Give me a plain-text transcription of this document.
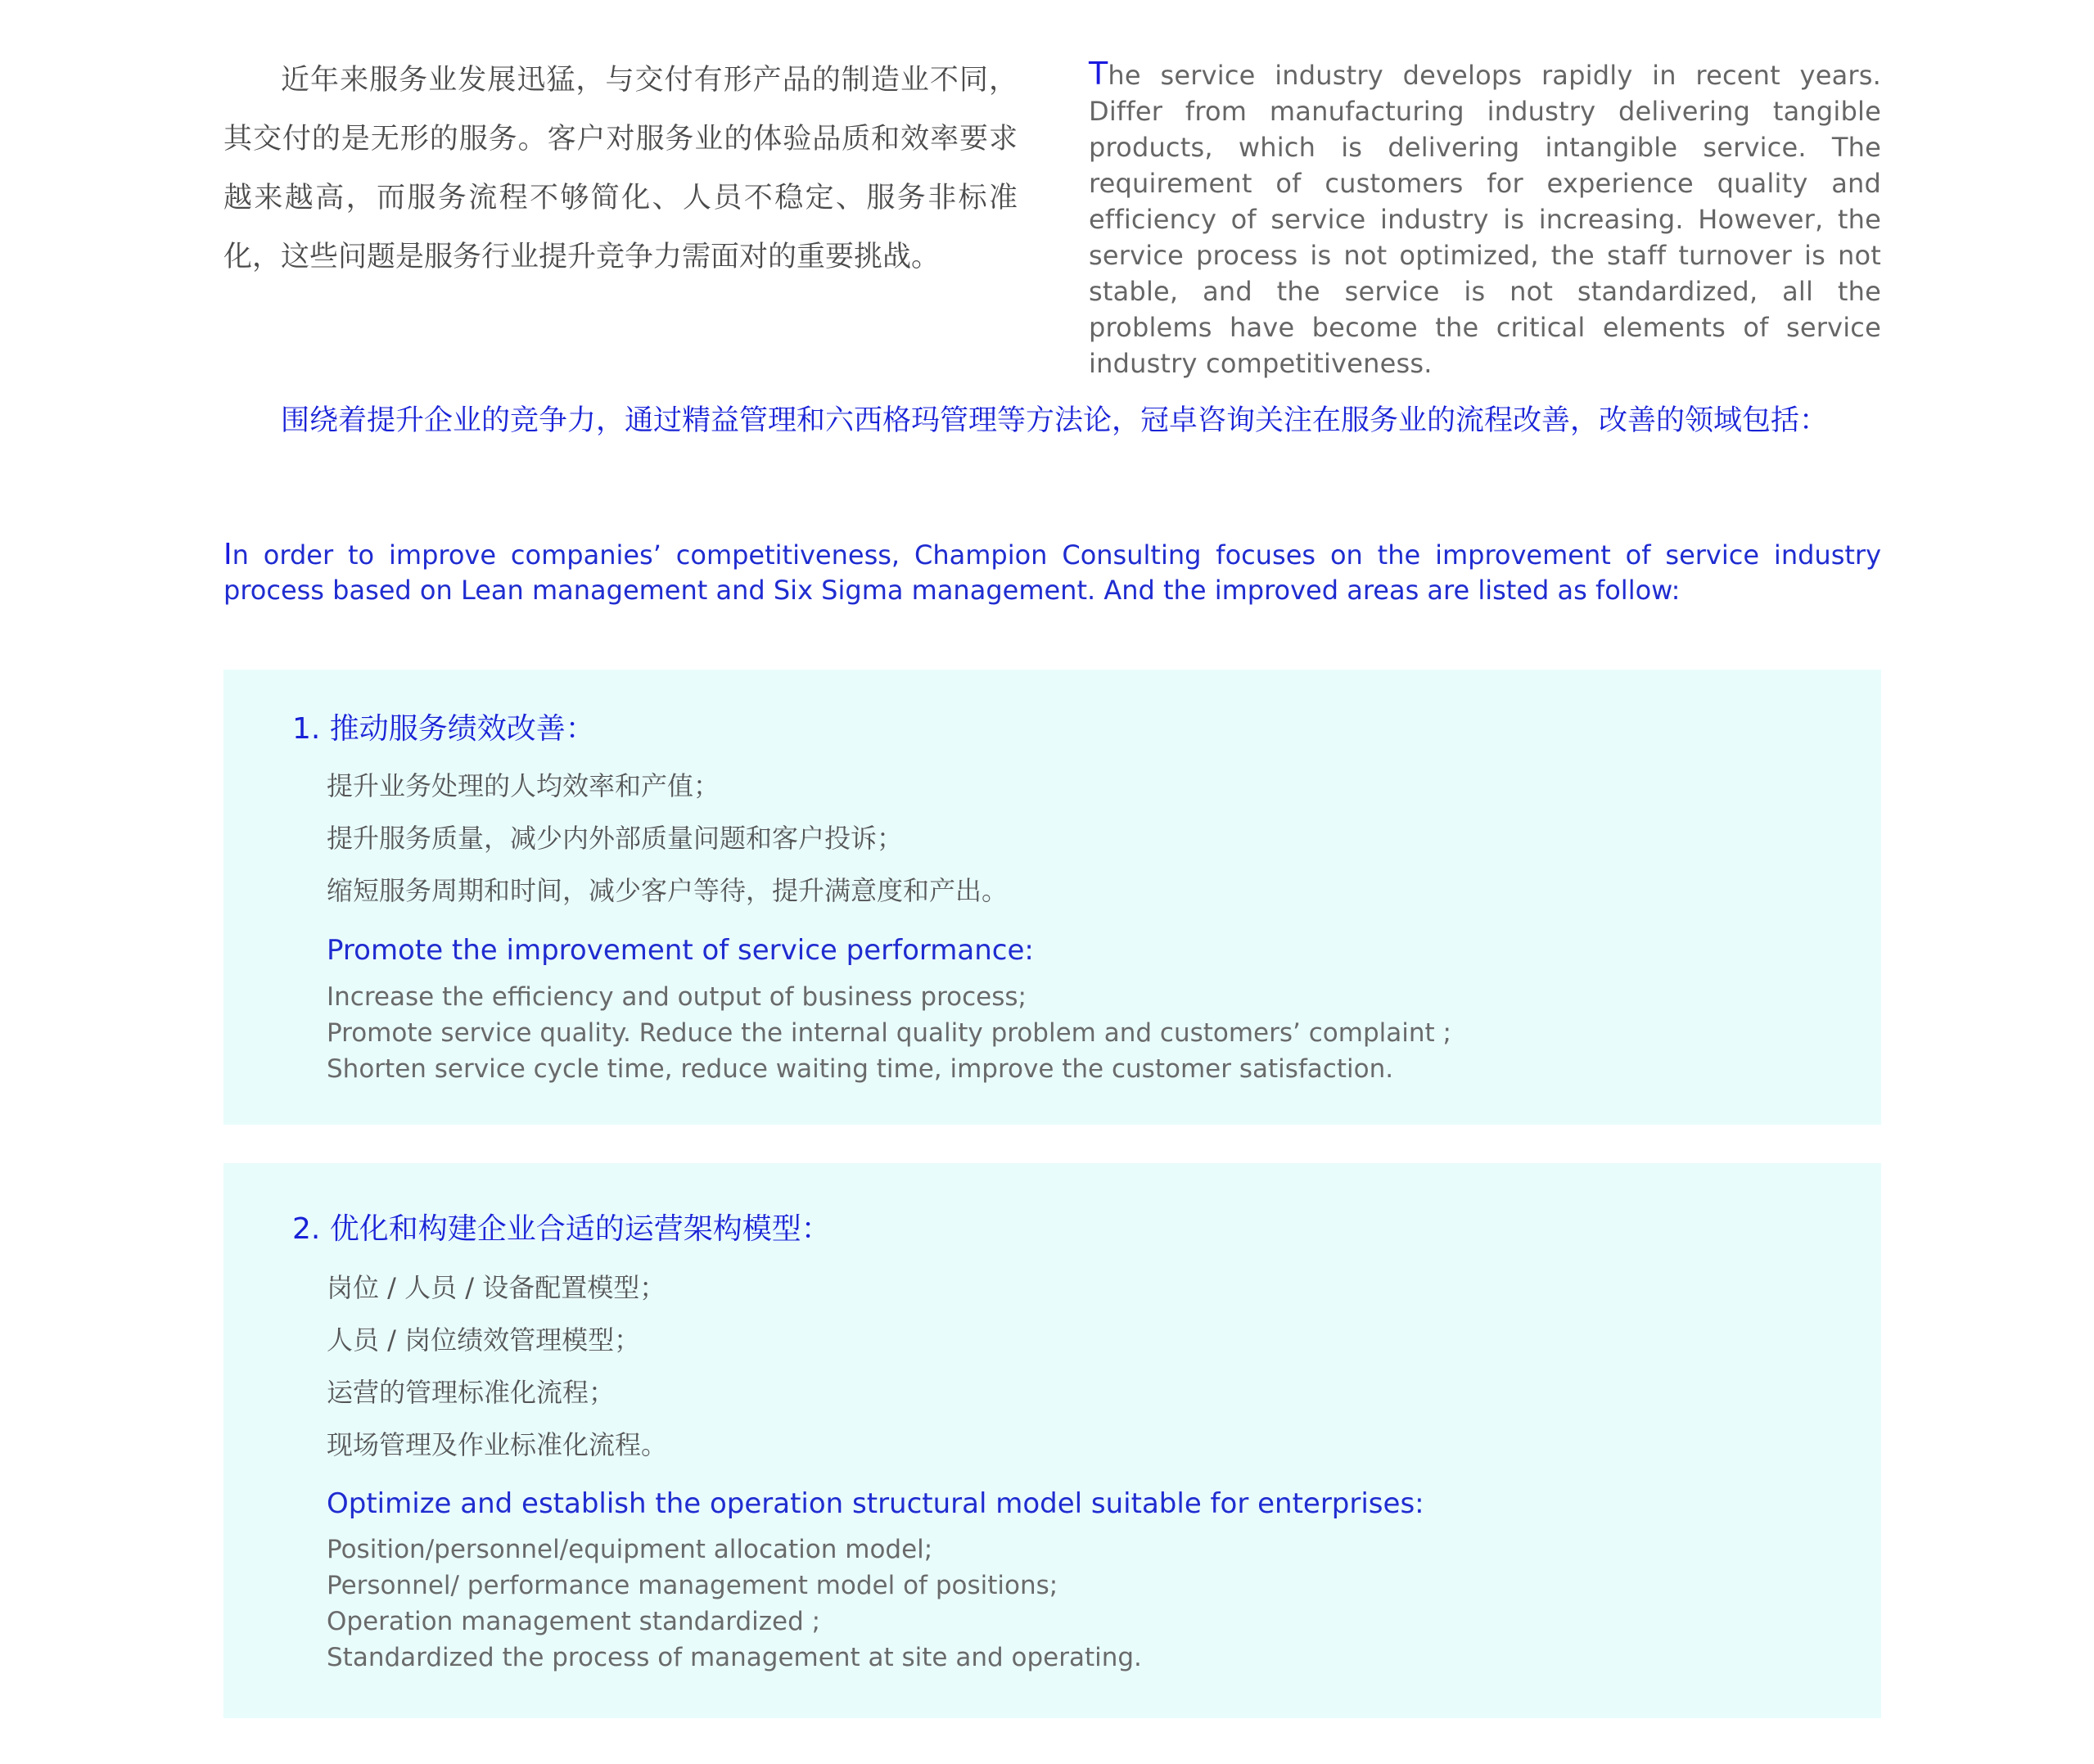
近年来服务业发展迅猛，与交付有形产品的制造业不同，其交付的是无形的服务。客户对服务业的体验品质和效率要求越来越高，而服务流程不够简化、人员不稳定、服务非标准化，这些问题是服务行业提升竞争力需面对的重要挑战。

The service industry develops rapidly in recent years. Differ from manufacturing industry delivering tangible products, which is delivering intangible service. The requirement of customers for experience quality and efficiency of service industry is increasing. However, the service process is not optimized, the staff turnover is not stable, and the service is not standardized, all the problems have become the critical elements of service industry competitiveness.

围绕着提升企业的竞争力，通过精益管理和六西格玛管理等方法论，冠卓咨询关注在服务业的流程改善，改善的领域包括：

In order to improve companies’ competitiveness, Champion Consulting focuses on the improvement of service industry process based on Lean management and Six Sigma management. And the improved areas are listed as follow:

1. 推动服务绩效改善：
提升业务处理的人均效率和产值；
提升服务质量，减少内外部质量问题和客户投诉；
缩短服务周期和时间，减少客户等待，提升满意度和产出。
Promote the improvement of service performance:
Increase the efficiency and output of business process;
Promote service quality. Reduce the internal quality problem and customers’ complaint ;
Shorten service cycle time, reduce waiting time, improve the customer satisfaction.
2. 优化和构建企业合适的运营架构模型：
岗位 / 人员 / 设备配置模型；
人员 / 岗位绩效管理模型；
运营的管理标准化流程；
现场管理及作业标准化流程。
Optimize and establish the operation structural model suitable for enterprises:
Position/personnel/equipment allocation model;
Personnel/ performance management model of positions;
Operation management standardized ;
Standardized the process of management at site and operating.
